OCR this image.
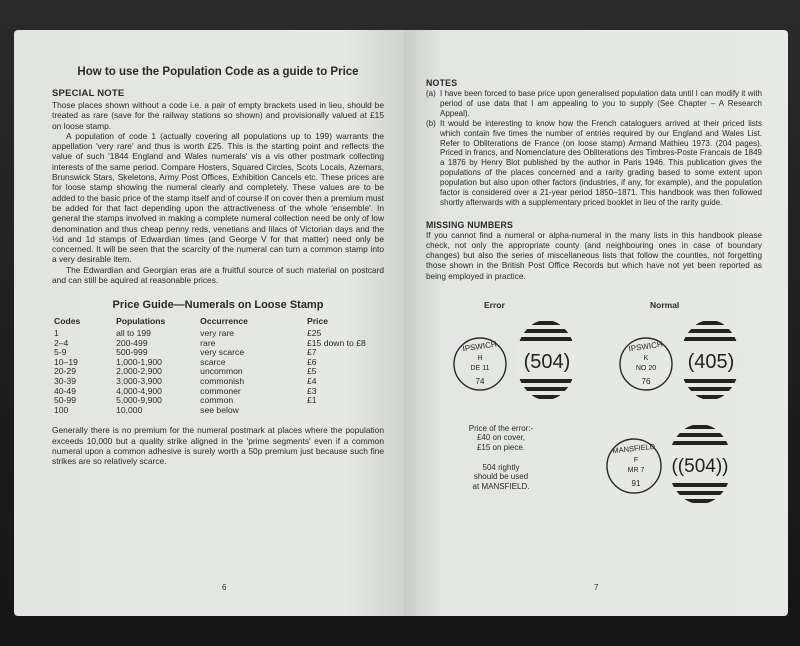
How to use the Population Code as a guide to Price
SPECIAL NOTE

Those places shown without a code i.e. a pair of empty brackets used in lieu, should be treated as rare (save for the railway stations so shown) and provisionally valued at £15 on loose stamp.

A population of code 1 (actually covering all populations up to 199) warrants the appellation 'very rare' and thus is worth £25. This is the starting point and reflects the value of such '1844 England and Wales numerals' vis a vis other postmark collecting interests of the same period. Compare Hosters, Squared Circles, Scots Locals, Azemars, Brunswick Stars, Skeletons, Army Post Offices, Exhibition Cancels etc. These prices are for loose stamp showing the numeral clearly and completely. These values are to be added to the basic price of the stamp itself and of course if on cover then a premium must be added for that fact depending upon the attractiveness of the whole 'ensemble'. In general the stamps involved in making a complete numeral collection need be only of low denomination and thus cheap penny reds, venetians and lilacs of Victorian days and the ½d and 1d stamps of Edwardian times (and George V for that matter) need only be concerned. It will be seen that the scarcity of the numeral can turn a common stamp into a very desirable item.

The Edwardian and Georgian eras are a fruitful source of such material on postcard and can still be aquired at reasonable prices.

Price Guide—Numerals on Loose Stamp
Codes	Populations	Occurrence	Price
1	all to 199	very rare	£25
2–4	200-499	rare	£15 down to £8
5-9	500-999	very scarce	£7
10–19	1,000-1,900	scarce	£6
20-29	2,000-2,900	uncommon	£5
30-39	3,000-3,900	commonish	£4
40-49	4,000-4,900	commoner	£3
50-99	5,000-9,900	common	£1
100	10,000	see below	

Generally there is no premium for the numeral postmark at places where the population exceeds 10,000 but a quality strike aligned in the 'prime segments' even if a common numeral upon a common adhesive is surely worth a 50p premium just because such fine strikes are so relatively scarce.

6
NOTES
(a) I have been forced to base price upon generalised population data until I can modify it with period of use data that I am appealing to you to supply (See Chapter – A Research Appeal).
(b) It would be interesting to know how the French cataloguers arrived at their priced lists which contain five times the number of entries required by our England and Wales List. Refer to Obliterations de France (on loose stamp) Armand Mathieu 1973. (204 pages). Priced in francs, and Nomenclature des Obliterations des Timbres-Poste Francais de 1849 a 1876 by Henry Blot published by the author in Paris 1946. This publication gives the populations of the places concerned and a rarity grading based to some extent upon population but also upon other factors (industries, if any, for example), and the population factor is considered over a 21-year period 1850–1871. This handbook was then followed shortly afterwards with a supplementary priced booklet in lieu of the rarity guide.
MISSING NUMBERS

If you cannot find a numeral or alpha-numeral in the many lists in this handbook please check, not only the appropriate county (and neighbouring ones in case of boundary changes) but also the series of miscellaneous lists that follow the counties, not forgetting those shown in the British Post Office Records but which have not yet been reported as being employed in practice.

Error	Normal
(504)
IPSWICH
H
DE 11
74
(405)
IPSWICH
K
NO 20
76
Price of the error:-
£40 on cover,
£15 on piece.
504 rightly
should be used
at MANSFIELD.
((504))
MANSFIELD
F
MR 7
91
7
